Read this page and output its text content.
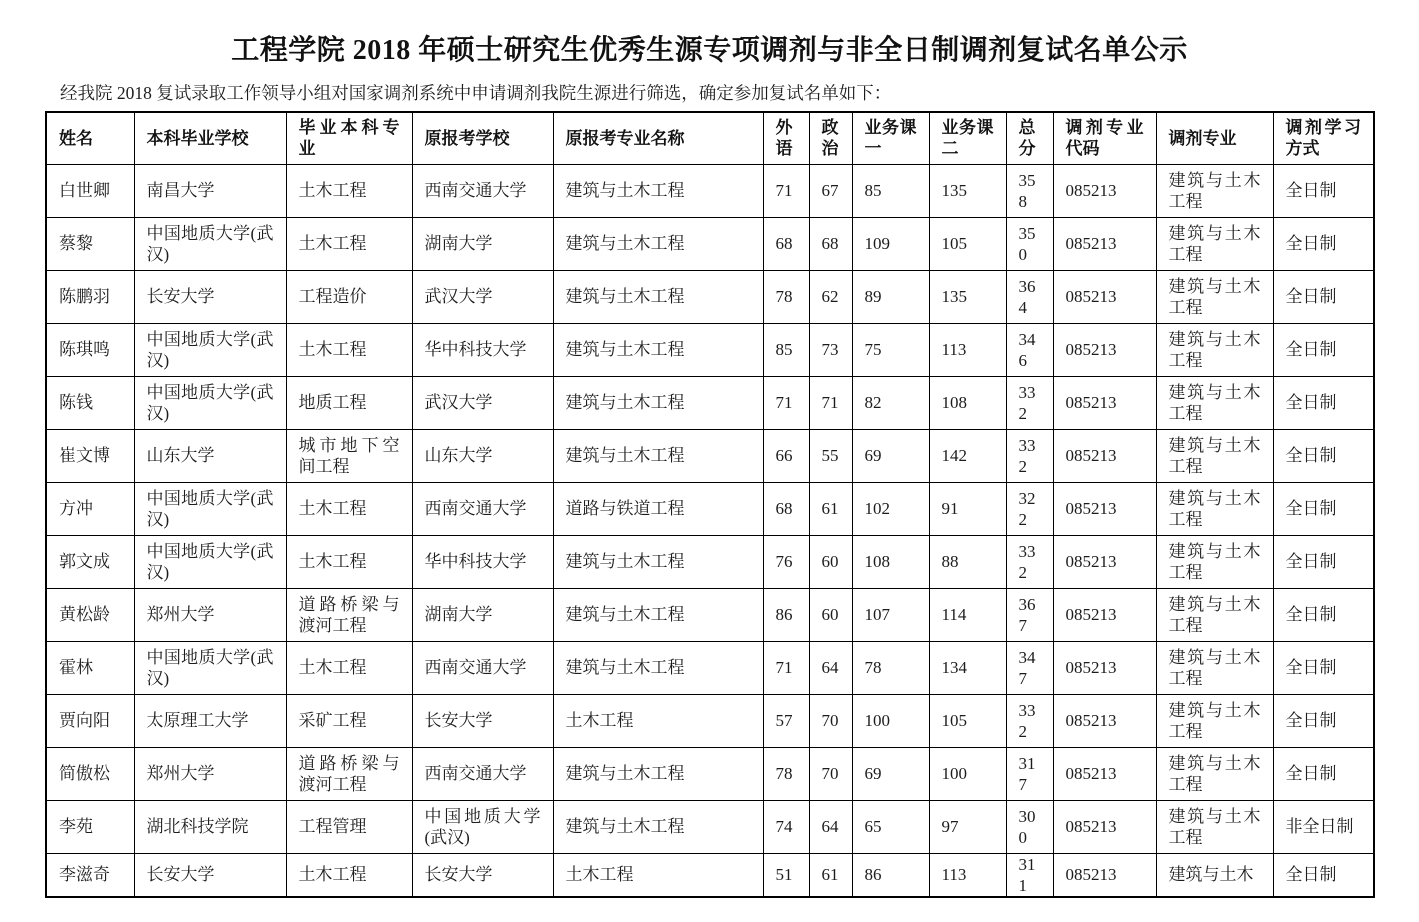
工程学院 2018 年硕士研究生优秀生源专项调剂与非全日制调剂复试名单公示

经我院 2018 复试录取工作领导小组对国家调剂系统中申请调剂我院生源进行筛选，确定参加复试名单如下：

姓名	本科毕业学校	毕业本科专业	原报考学校	原报考专业名称	外语	政治	业务课一	业务课二	总分	调剂专业代码	调剂专业	调剂学习方式
白世卿	南昌大学	土木工程	西南交通大学	建筑与土木工程	71	67	85	135	358	085213	建筑与土木工程	全日制
蔡黎	中国地质大学(武汉)	土木工程	湖南大学	建筑与土木工程	68	68	109	105	350	085213	建筑与土木工程	全日制
陈鹏羽	长安大学	工程造价	武汉大学	建筑与土木工程	78	62	89	135	364	085213	建筑与土木工程	全日制
陈琪鸣	中国地质大学(武汉)	土木工程	华中科技大学	建筑与土木工程	85	73	75	113	346	085213	建筑与土木工程	全日制
陈钱	中国地质大学(武汉)	地质工程	武汉大学	建筑与土木工程	71	71	82	108	332	085213	建筑与土木工程	全日制
崔文博	山东大学	城市地下空间工程	山东大学	建筑与土木工程	66	55	69	142	332	085213	建筑与土木工程	全日制
方冲	中国地质大学(武汉)	土木工程	西南交通大学	道路与铁道工程	68	61	102	91	322	085213	建筑与土木工程	全日制
郭文成	中国地质大学(武汉)	土木工程	华中科技大学	建筑与土木工程	76	60	108	88	332	085213	建筑与土木工程	全日制
黄松龄	郑州大学	道路桥梁与渡河工程	湖南大学	建筑与土木工程	86	60	107	114	367	085213	建筑与土木工程	全日制
霍林	中国地质大学(武汉)	土木工程	西南交通大学	建筑与土木工程	71	64	78	134	347	085213	建筑与土木工程	全日制
贾向阳	太原理工大学	采矿工程	长安大学	土木工程	57	70	100	105	332	085213	建筑与土木工程	全日制
简傲松	郑州大学	道路桥梁与渡河工程	西南交通大学	建筑与土木工程	78	70	69	100	317	085213	建筑与土木工程	全日制
李苑	湖北科技学院	工程管理	中国地质大学(武汉)	建筑与土木工程	74	64	65	97	300	085213	建筑与土木工程	非全日制
李滋奇	长安大学	土木工程	长安大学	土木工程	51	61	86	113	311	085213	建筑与土木	全日制
